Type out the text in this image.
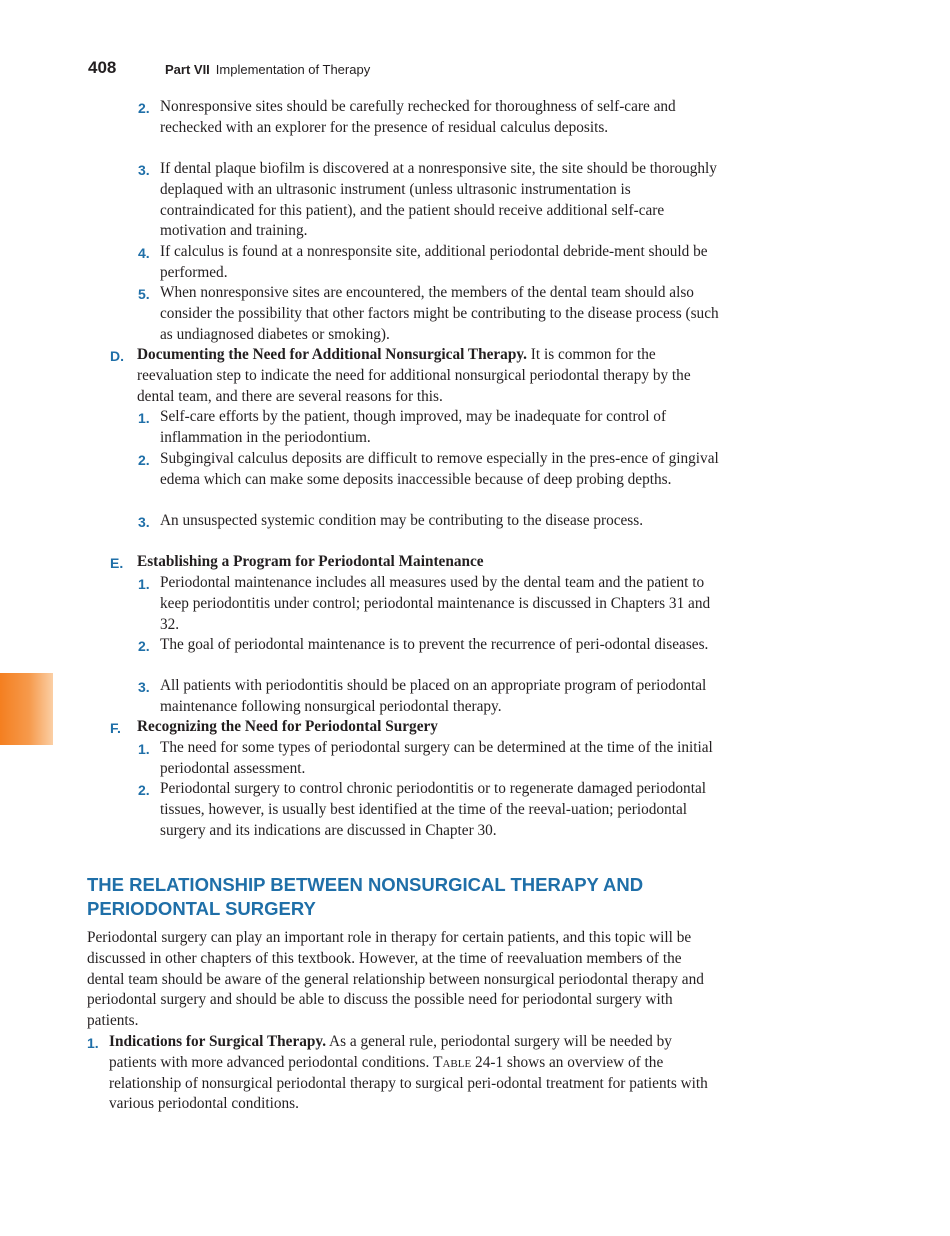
408	Part VII Implementation of Therapy
2. Nonresponsive sites should be carefully rechecked for thoroughness of self-care and rechecked with an explorer for the presence of residual calculus deposits.

3. If dental plaque biofilm is discovered at a nonresponsive site, the site should be thoroughly deplaqued with an ultrasonic instrument (unless ultrasonic instrumentation is contraindicated for this patient), and the patient should receive additional self-care motivation and training.

4. If calculus is found at a nonresponsite site, additional periodontal debride-ment should be performed.

5. When nonresponsive sites are encountered, the members of the dental team should also consider the possibility that other factors might be contributing to the disease process (such as undiagnosed diabetes or smoking).

D. Documenting the Need for Additional Nonsurgical Therapy. It is common for the reevaluation step to indicate the need for additional nonsurgical periodontal therapy by the dental team, and there are several reasons for this.

1. Self-care efforts by the patient, though improved, may be inadequate for control of inflammation in the periodontium.

2. Subgingival calculus deposits are difficult to remove especially in the pres-ence of gingival edema which can make some deposits inaccessible because of deep probing depths.

3. An unsuspected systemic condition may be contributing to the disease process.

E. Establishing a Program for Periodontal Maintenance

1. Periodontal maintenance includes all measures used by the dental team and the patient to keep periodontitis under control; periodontal maintenance is discussed in Chapters 31 and 32.

2. The goal of periodontal maintenance is to prevent the recurrence of peri-odontal diseases.

3. All patients with periodontitis should be placed on an appropriate program of periodontal maintenance following nonsurgical periodontal therapy.

F. Recognizing the Need for Periodontal Surgery

1. The need for some types of periodontal surgery can be determined at the time of the initial periodontal assessment.

2. Periodontal surgery to control chronic periodontitis or to regenerate damaged periodontal tissues, however, is usually best identified at the time of the reeval-uation; periodontal surgery and its indications are discussed in Chapter 30.

THE RELATIONSHIP BETWEEN NONSURGICAL THERAPY AND PERIODONTAL SURGERY

Periodontal surgery can play an important role in therapy for certain patients, and this topic will be discussed in other chapters of this textbook. However, at the time of reevaluation members of the dental team should be aware of the general relationship between nonsurgical periodontal therapy and periodontal surgery and should be able to discuss the possible need for periodontal surgery with patients.

1. Indications for Surgical Therapy. As a general rule, periodontal surgery will be needed by patients with more advanced periodontal conditions. Table 24-1 shows an overview of the relationship of nonsurgical periodontal therapy to surgical peri-odontal treatment for patients with various periodontal conditions.
